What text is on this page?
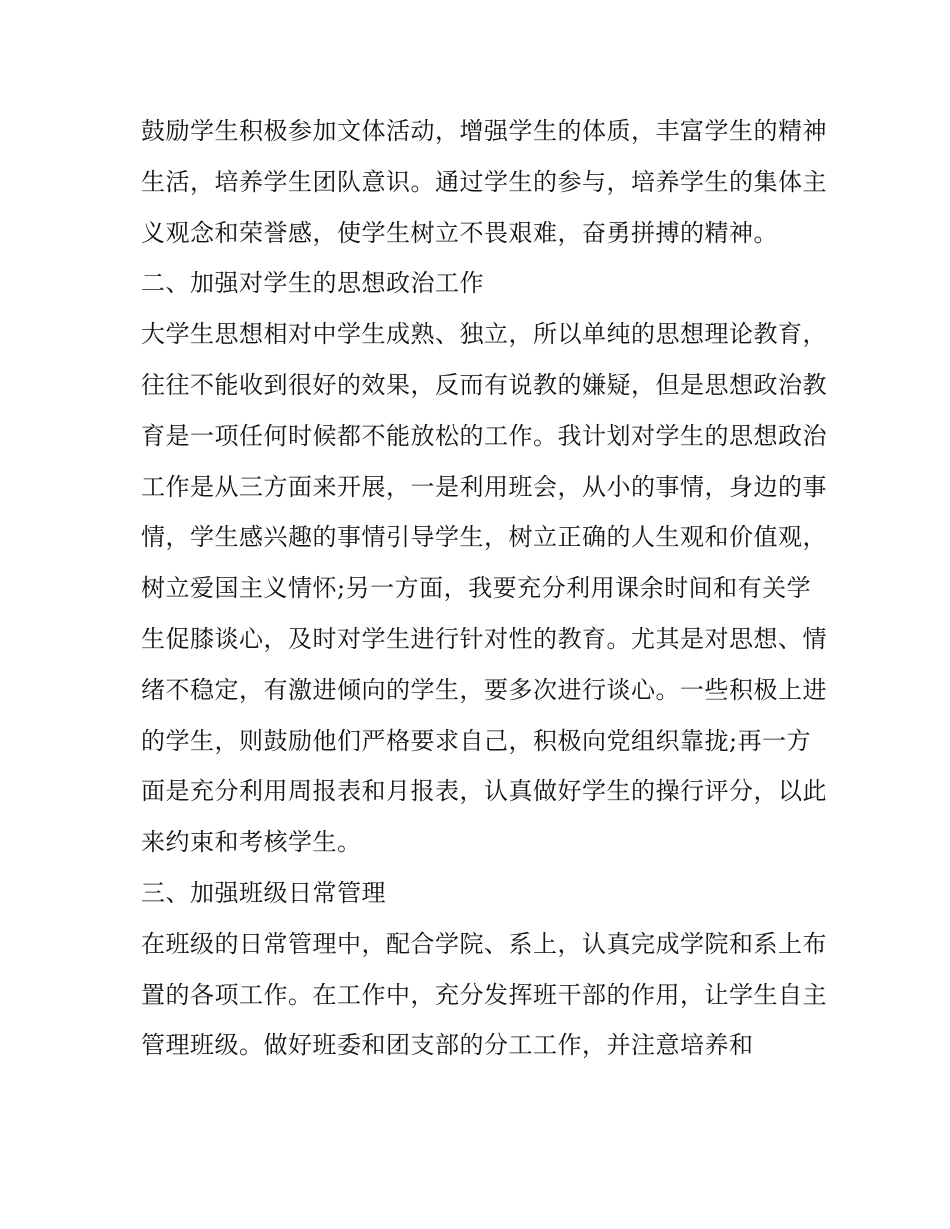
鼓励学生积极参加文体活动，增强学生的体质，丰富学生的精神生活，培养学生团队意识。通过学生的参与，培养学生的集体主义观念和荣誉感，使学生树立不畏艰难，奋勇拼搏的精神。

二、加强对学生的思想政治工作

大学生思想相对中学生成熟、独立，所以单纯的思想理论教育，往往不能收到很好的效果，反而有说教的嫌疑，但是思想政治教育是一项任何时候都不能放松的工作。我计划对学生的思想政治工作是从三方面来开展，一是利用班会，从小的事情，身边的事情，学生感兴趣的事情引导学生，树立正确的人生观和价值观，树立爱国主义情怀;另一方面，我要充分利用课余时间和有关学生促膝谈心，及时对学生进行针对性的教育。尤其是对思想、情绪不稳定，有激进倾向的学生，要多次进行谈心。一些积极上进的学生，则鼓励他们严格要求自己，积极向党组织靠拢;再一方面是充分利用周报表和月报表，认真做好学生的操行评分，以此来约束和考核学生。

三、加强班级日常管理

在班级的日常管理中，配合学院、系上，认真完成学院和系上布置的各项工作。在工作中，充分发挥班干部的作用，让学生自主管理班级。做好班委和团支部的分工工作，并注意培养和
